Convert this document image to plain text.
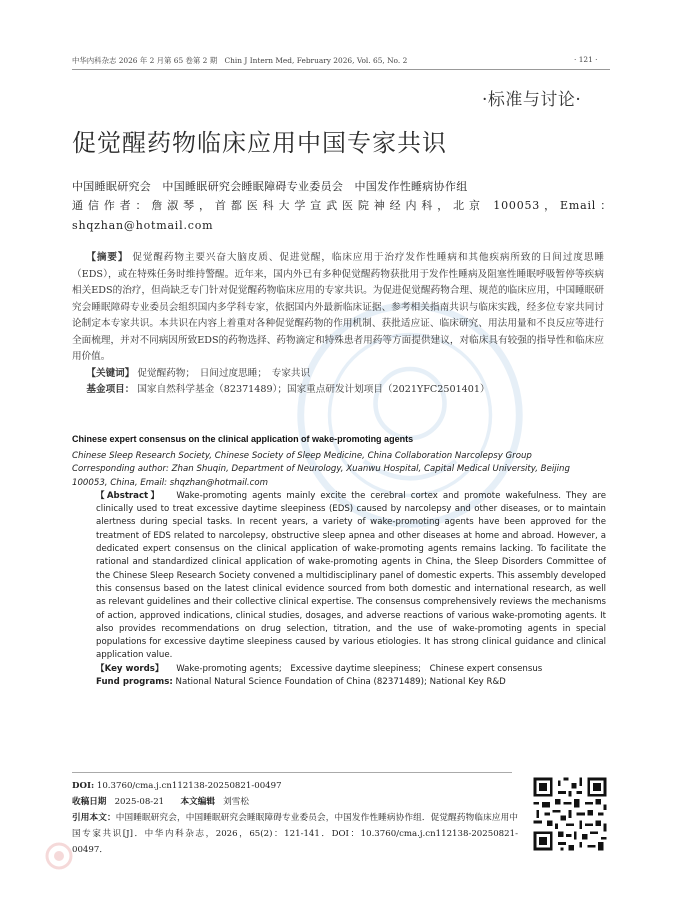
中华内科杂志 2026 年 2 月第 65 卷第 2 期　Chin J Intern Med, February 2026, Vol. 65, No. 2	· 121 ·
·标准与讨论·
促觉醒药物临床应用中国专家共识
中国睡眠研究会　中国睡眠研究会睡眠障碍专业委员会　中国发作性睡病协作组
通信作者：詹淑琴，首都医科大学宣武医院神经内科，北京 100053，Email：shqzhan@hotmail.com

【摘要】 促觉醒药物主要兴奋大脑皮质、促进觉醒，临床应用于治疗发作性睡病和其他疾病所致的日间过度思睡（EDS），或在特殊任务时维持警醒。近年来，国内外已有多种促觉醒药物获批用于发作性睡病及阻塞性睡眠呼吸暂停等疾病相关EDS的治疗，但尚缺乏专门针对促觉醒药物临床应用的专家共识。为促进促觉醒药物合理、规范的临床应用，中国睡眠研究会睡眠障碍专业委员会组织国内多学科专家，依据国内外最新临床证据、参考相关指南共识与临床实践，经多位专家共同讨论制定本专家共识。本共识在内容上着重对各种促觉醒药物的作用机制、获批适应证、临床研究、用法用量和不良反应等进行全面梳理，并对不同病因所致EDS的药物选择、药物滴定和特殊患者用药等方面提供建议，对临床具有较强的指导性和临床应用价值。

【关键词】 促觉醒药物；　日间过度思睡；　专家共识

基金项目： 国家自然科学基金（82371489）；国家重点研发计划项目（2021YFC2501401）

Chinese expert consensus on the clinical application of wake-promoting agents

Chinese Sleep Research Society, Chinese Society of Sleep Medicine, China Collaboration Narcolepsy Group

Corresponding author: Zhan Shuqin, Department of Neurology, Xuanwu Hospital, Capital Medical University, Beijing 100053, China, Email: shqzhan@hotmail.com

【Abstract】 Wake-promoting agents mainly excite the cerebral cortex and promote wakefulness. They are clinically used to treat excessive daytime sleepiness (EDS) caused by narcolepsy and other diseases, or to maintain alertness during special tasks. In recent years, a variety of wake-promoting agents have been approved for the treatment of EDS related to narcolepsy, obstructive sleep apnea and other diseases at home and abroad. However, a dedicated expert consensus on the clinical application of wake-promoting agents remains lacking. To facilitate the rational and standardized clinical application of wake-promoting agents in China, the Sleep Disorders Committee of the Chinese Sleep Research Society convened a multidisciplinary panel of domestic experts. This assembly developed this consensus based on the latest clinical evidence sourced from both domestic and international research, as well as relevant guidelines and their collective clinical expertise. The consensus comprehensively reviews the mechanisms of action, approved indications, clinical studies, dosages, and adverse reactions of various wake-promoting agents. It also provides recommendations on drug selection, titration, and the use of wake-promoting agents in special populations for excessive daytime sleepiness caused by various etiologies. It has strong clinical guidance and clinical application value.

【Key words】 Wake-promoting agents;　Excessive daytime sleepiness;　Chinese expert consensus

Fund programs: National Natural Science Foundation of China (82371489); National Key R&D

DOI: 10.3760/cma.j.cn112138-20250821-00497

收稿日期 2025-08-21 本文编辑 刘雪松

引用本文：中国睡眠研究会，中国睡眠研究会睡眠障碍专业委员会，中国发作性睡病协作组．促觉醒药物临床应用中国专家共识[J]．中华内科杂志，2026，65(2)：121-141．DOI：10.3760/cma.j.cn112138-20250821-00497．
